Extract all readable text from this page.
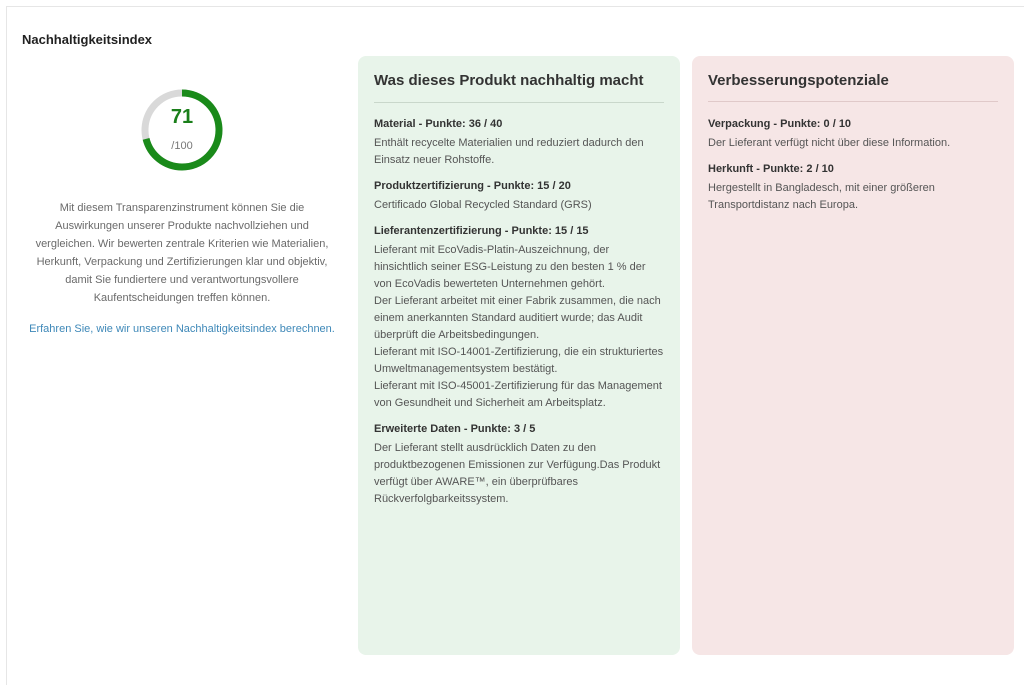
Nachhaltigkeitsindex
71
/100
Mit diesem Transparenzinstrument können Sie die Auswirkungen unserer Produkte nachvollziehen und vergleichen. Wir bewerten zentrale Kriterien wie Materialien, Herkunft, Verpackung und Zertifizierungen klar und objektiv, damit Sie fundiertere und verantwortungsvollere Kaufentscheidungen treffen können.
Erfahren Sie, wie wir unseren Nachhaltigkeitsindex berechnen.
Was dieses Produkt nachhaltig macht
Material - Punkte: 36 / 40
Enthält recycelte Materialien und reduziert dadurch den Einsatz neuer Rohstoffe.
Produktzertifizierung - Punkte: 15 / 20
Certificado Global Recycled Standard (GRS)
Lieferantenzertifizierung - Punkte: 15 / 15
Lieferant mit EcoVadis-Platin-Auszeichnung, der hinsichtlich seiner ESG-Leistung zu den besten 1 % der von EcoVadis bewerteten Unternehmen gehört.
Der Lieferant arbeitet mit einer Fabrik zusammen, die nach einem anerkannten Standard auditiert wurde; das Audit überprüft die Arbeitsbedingungen.
Lieferant mit ISO-14001-Zertifizierung, die ein strukturiertes Umweltmanagementsystem bestätigt.
Lieferant mit ISO-45001-Zertifizierung für das Management von Gesundheit und Sicherheit am Arbeitsplatz.
Erweiterte Daten - Punkte: 3 / 5
Der Lieferant stellt ausdrücklich Daten zu den produktbezogenen Emissionen zur Verfügung.Das Produkt verfügt über AWARE™, ein überprüfbares Rückverfolgbarkeitssystem.
Verbesserungspotenziale
Verpackung - Punkte: 0 / 10
Der Lieferant verfügt nicht über diese Information.
Herkunft - Punkte: 2 / 10
Hergestellt in Bangladesch, mit einer größeren Transportdistanz nach Europa.
